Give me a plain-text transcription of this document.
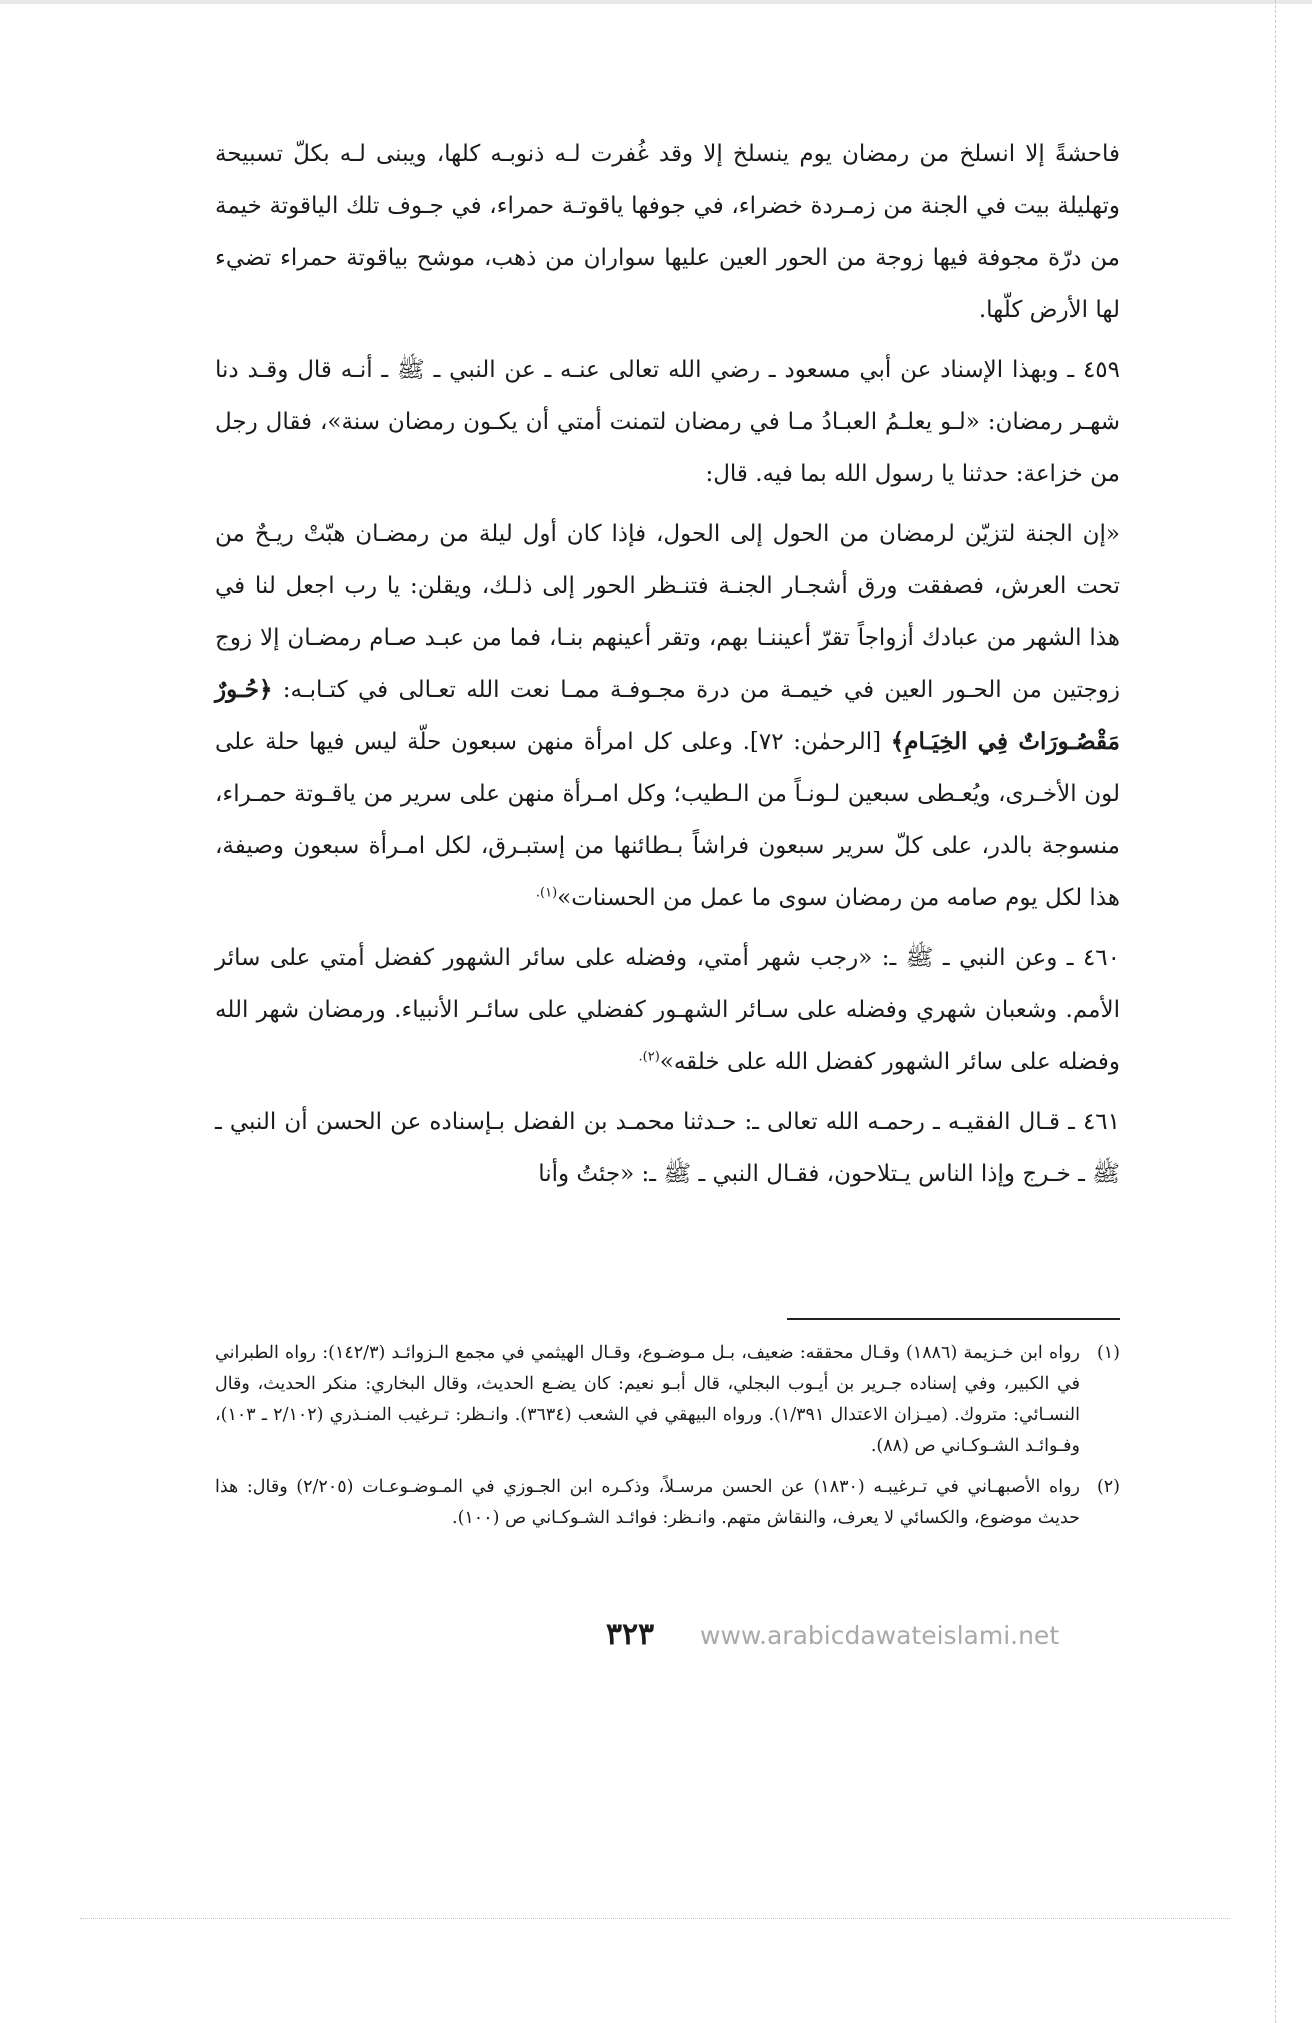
فاحشةً إلا انسلخ من رمضان يوم ينسلخ إلا وقد غُفرت لـه ذنوبـه كلها، ويبنى لـه بكلّ تسبيحة وتهليلة بيت في الجنة من زمـردة خضراء، في جوفها ياقوتـة حمراء، في جـوف تلك الياقوتة خيمة من درّة مجوفة فيها زوجة من الحور العين عليها سواران من ذهب، موشح بياقوتة حمراء تضيء لها الأرض كلّها.

٤٥٩ ـ وبهذا الإسناد عن أبي مسعود ـ رضي الله تعالى عنـه ـ عن النبي ـ ﷺ ـ أنـه قال وقـد دنا شهـر رمضان: «لـو يعلـمُ العبـادُ مـا في رمضان لتمنت أمتي أن يكـون رمضان سنة»، فقال رجل من خزاعة: حدثنا يا رسول الله بما فيه. قال:

«إن الجنة لتزيّن لرمضان من الحول إلى الحول، فإذا كان أول ليلة من رمضـان هبّتْ ريـحٌ من تحت العرش، فصفقت ورق أشجـار الجنـة فتنـظر الحور إلى ذلـك، ويقلن: يا رب اجعل لنا في هذا الشهر من عبادك أزواجاً تقرّ أعيننـا بهم، وتقر أعينهم بنـا، فما من عبـد صـام رمضـان إلا زوج زوجتين من الحـور العين في خيمـة من درة مجـوفـة ممـا نعت الله تعـالى في كتـابـه: ﴿حُـورٌ مَقْصُـورَاتٌ فِي الخِيَـامِ﴾ [الرحمٰن: ٧٢]. وعلى كل امرأة منهن سبعون حلّة ليس فيها حلة على لون الأخـرى، ويُعـطى سبعين لـونـاً من الـطيب؛ وكل امـرأة منهن على سرير من ياقـوتة حمـراء، منسوجة بالدر، على كلّ سرير سبعون فراشاً بـطائنها من إستبـرق، لكل امـرأة سبعون وصيفة، هذا لكل يوم صامه من رمضان سوى ما عمل من الحسنات»$^{(١).}$

٤٦٠ ـ وعن النبي ـ ﷺ ـ: «رجب شهر أمتي، وفضله على سائر الشهور كفضل أمتي على سائر الأمم. وشعبان شهري وفضله على سـائر الشهـور كفضلي على سائـر الأنبياء. ورمضان شهر الله وفضله على سائر الشهور كفضل الله على خلقه»$^{(٢).}$

٤٦١ ـ قـال الفقيـه ـ رحمـه الله تعالى ـ: حـدثنا محمـد بن الفضل بـإسناده عن الحسن أن النبي ـ ﷺ ـ خـرج وإذا الناس يـتلاحون، فقـال النبي ـ ﷺ ـ: «جئتُ وأنا

(١)
رواه ابن خـزيمة (١٨٨٦) وقـال محققه: ضعيف، بـل مـوضـوع، وقـال الهيثمي في مجمع الـزوائـد (١٤٢/٣): رواه الطبراني في الكبير، وفي إسناده جـرير بن أيـوب البجلي، قال أبـو نعيم: كان يضـع الحديث، وقال البخاري: منكر الحديث، وقال النسـائي: متروك. (ميـزان الاعتدال ١/٣٩١). ورواه البيهقي في الشعب (٣٦٣٤). وانـظر: تـرغيب المنـذري (٢/١٠٢ ـ ١٠٣)، وفـوائـد الشـوكـاني ص (٨٨).
(٢)
رواه الأصبهـاني في تـرغيبـه (١٨٣٠) عن الحسن مرسـلاً، وذكـره ابن الجـوزي في المـوضـوعـات (٢/٢٠٥) وقال: هذا حديث موضوع، والكسائي لا يعرف، والنقاش متهم. وانـظر: فوائـد الشـوكـاني ص (١٠٠).
٣٢٣	www.arabicdawateislami.net
